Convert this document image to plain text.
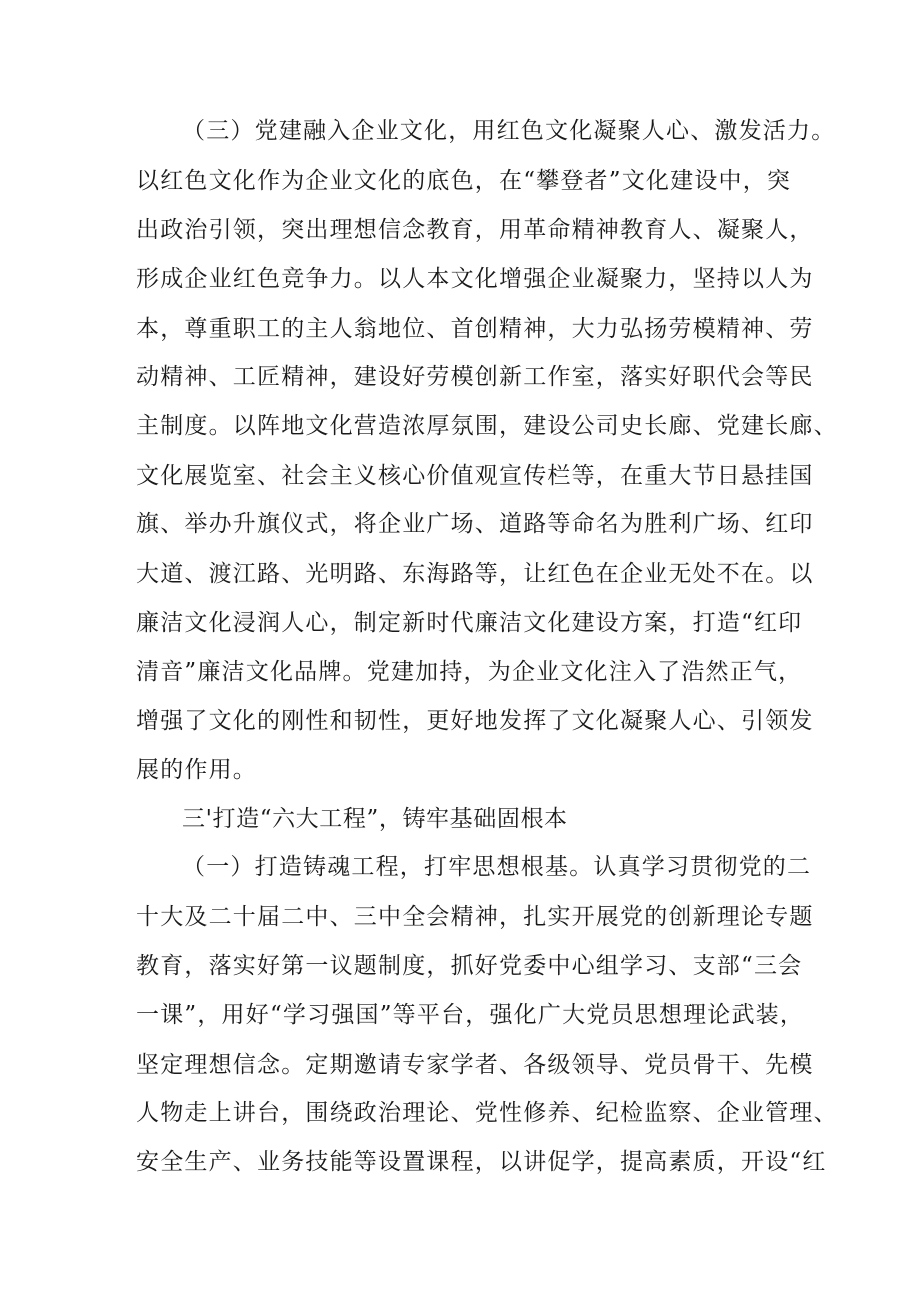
（三）党建融入企业文化，用红色文化凝聚人心、激发活力。

以红色文化作为企业文化的底色，在“攀登者”文化建设中，突

出政治引领，突出理想信念教育，用革命精神教育人、凝聚人，

形成企业红色竞争力。以人本文化增强企业凝聚力，坚持以人为

本，尊重职工的主人翁地位、首创精神，大力弘扬劳模精神、劳

动精神、工匠精神，建设好劳模创新工作室，落实好职代会等民

主制度。以阵地文化营造浓厚氛围，建设公司史长廊、党建长廊、

文化展览室、社会主义核心价值观宣传栏等，在重大节日悬挂国

旗、举办升旗仪式，将企业广场、道路等命名为胜利广场、红印

大道、渡江路、光明路、东海路等，让红色在企业无处不在。以

廉洁文化浸润人心，制定新时代廉洁文化建设方案，打造“红印

清音”廉洁文化品牌。党建加持，为企业文化注入了浩然正气，

增强了文化的刚性和韧性，更好地发挥了文化凝聚人心、引领发

展的作用。

三'打造“六大工程”，铸牢基础固根本

（一）打造铸魂工程，打牢思想根基。认真学习贯彻党的二

十大及二十届二中、三中全会精神，扎实开展党的创新理论专题

教育，落实好第一议题制度，抓好党委中心组学习、支部“三会

一课”，用好“学习强国”等平台，强化广大党员思想理论武装，

坚定理想信念。定期邀请专家学者、各级领导、党员骨干、先模

人物走上讲台，围绕政治理论、党性修养、纪检监察、企业管理、

安全生产、业务技能等设置课程，以讲促学，提高素质，开设“红
